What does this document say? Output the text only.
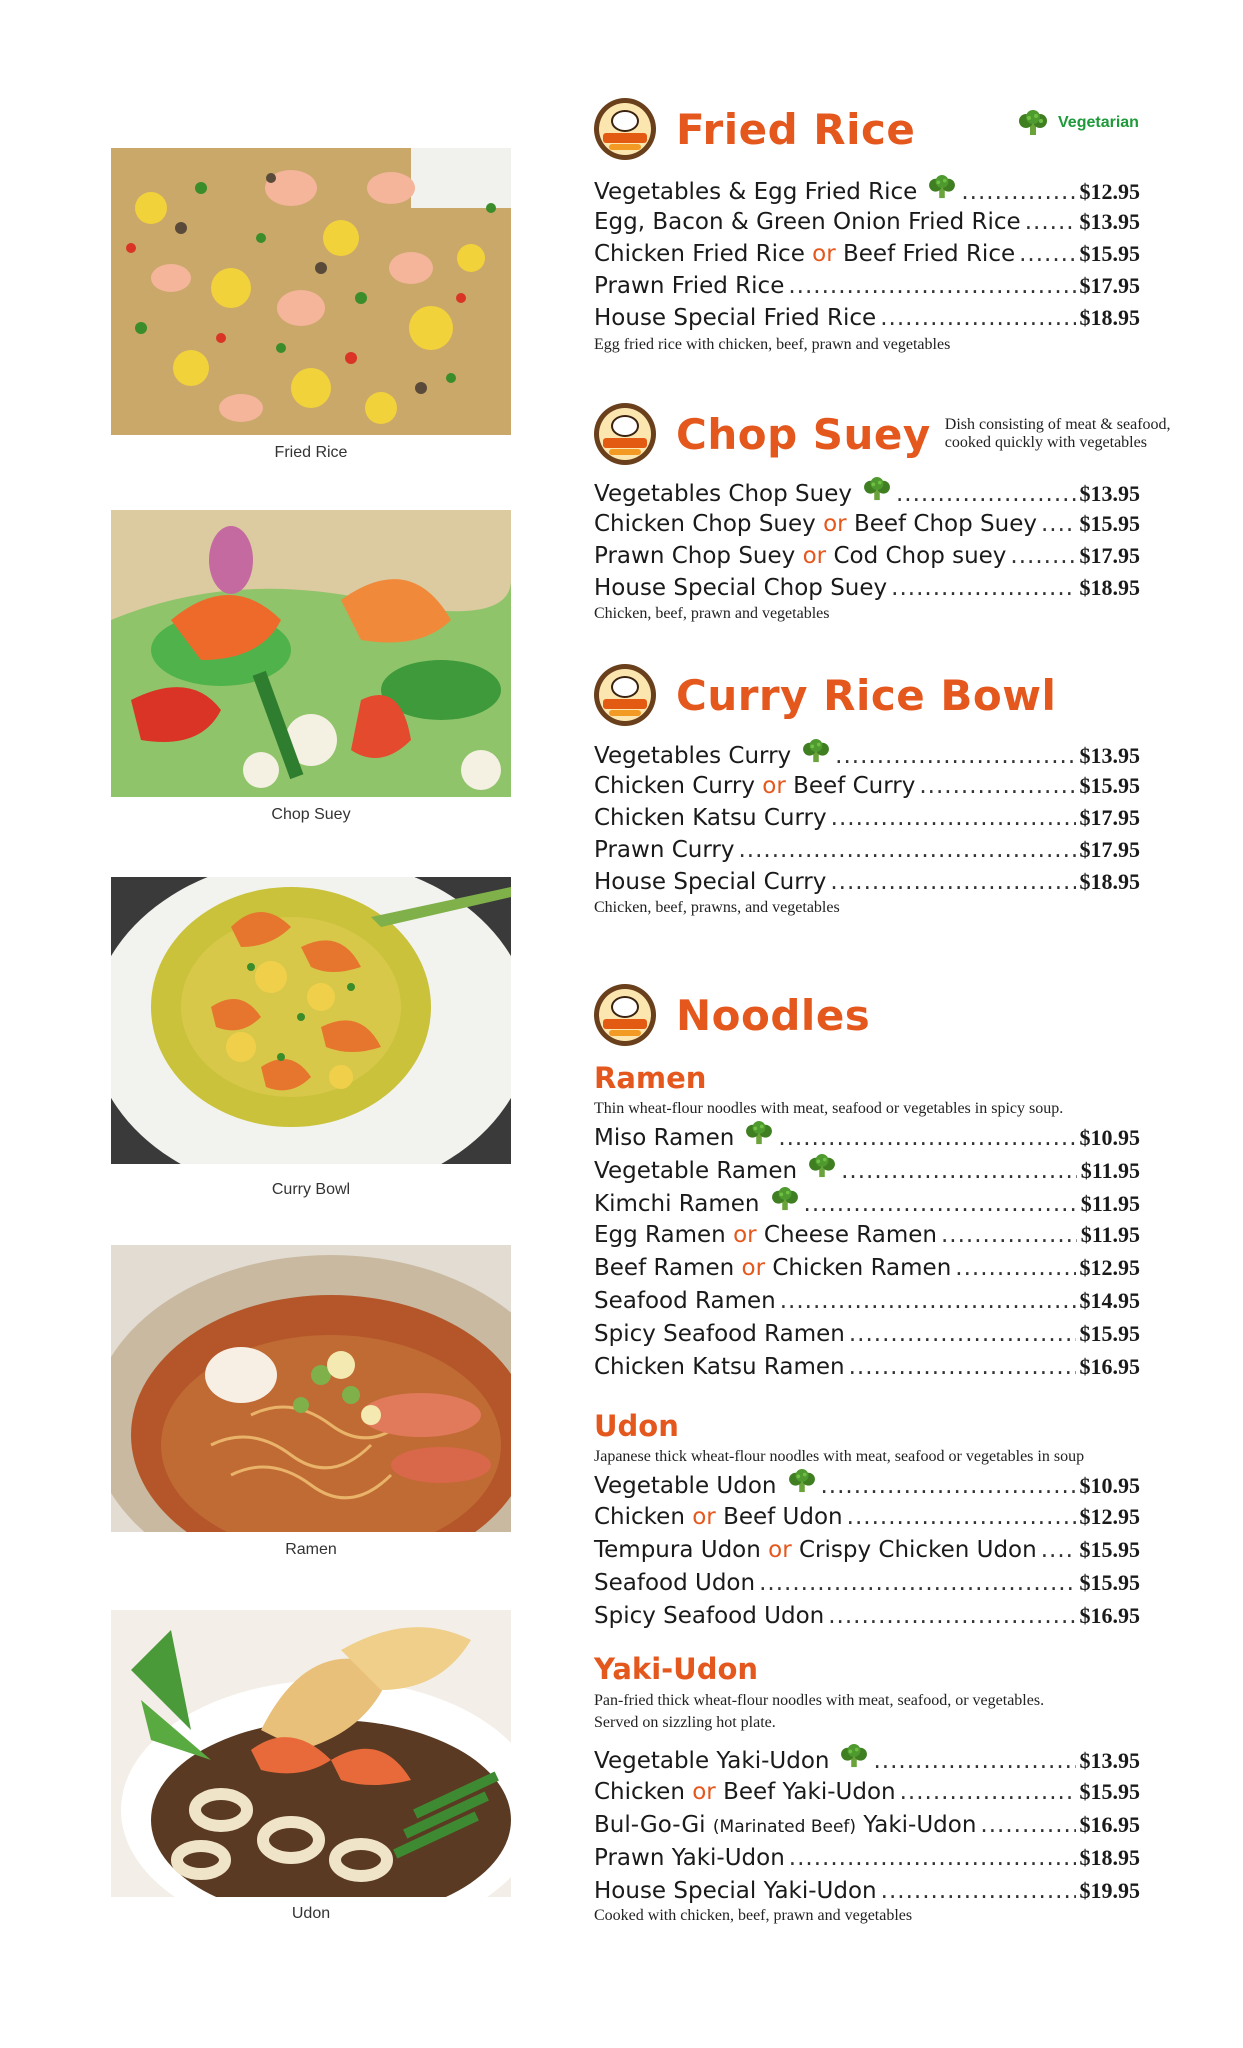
Fried Rice
Chop Suey
Curry Bowl
Ramen
Udon
Vegetarian
Fried Rice
Vegetables & Egg Fried Rice .....	$12.95
Egg, Bacon & Green Onion Fried Rice .....	$13.95
Chicken Fried Rice or Beef Fried Rice .....	$15.95
Prawn Fried Rice .....	$17.95
House Special Fried Rice .....	$18.95
Egg fried rice with chicken, beef, prawn and vegetables
Chop Suey Dish consisting of meat & seafood,
cooked quickly with vegetables
Vegetables Chop Suey .....	$13.95
Chicken Chop Suey or Beef Chop Suey ..... $15.95
Prawn Chop Suey or Cod Chop suey .....	$17.95
House Special Chop Suey .....	$18.95
Chicken, beef, prawn and vegetables
Curry Rice Bowl
Vegetables Curry .....	$13.95
Chicken Curry or Beef Curry .....	$15.95
Chicken Katsu Curry .....	$17.95
Prawn Curry .....	$17.95
House Special Curry .....	$18.95
Chicken, beef, prawns, and vegetables
Noodles
Ramen
Thin wheat-flour noodles with meat, seafood or vegetables in spicy soup.
Miso Ramen .....	$10.95
Vegetable Ramen .....	$11.95
Kimchi Ramen .....	$11.95
Egg Ramen or Cheese Ramen .....	$11.95
Beef Ramen or Chicken Ramen .....	$12.95
Seafood Ramen .....	$14.95
Spicy Seafood Ramen .....	$15.95
Chicken Katsu Ramen .....	$16.95
Udon
Japanese thick wheat-flour noodles with meat, seafood or vegetables in soup
Vegetable Udon .....	$10.95
Chicken or Beef Udon .....	$12.95
Tempura Udon or Crispy Chicken Udon ..... $15.95
Seafood Udon .....	$15.95
Spicy Seafood Udon .....	$16.95
Yaki-Udon
Pan-fried thick wheat-flour noodles with meat, seafood, or vegetables.
Served on sizzling hot plate.
Vegetable Yaki-Udon .....	$13.95
Chicken or Beef Yaki-Udon .....	$15.95
Bul-Go-Gi (Marinated Beef) Yaki-Udon .....	$16.95
Prawn Yaki-Udon .....	$18.95
House Special Yaki-Udon .....	$19.95
Cooked with chicken, beef, prawn and vegetables
